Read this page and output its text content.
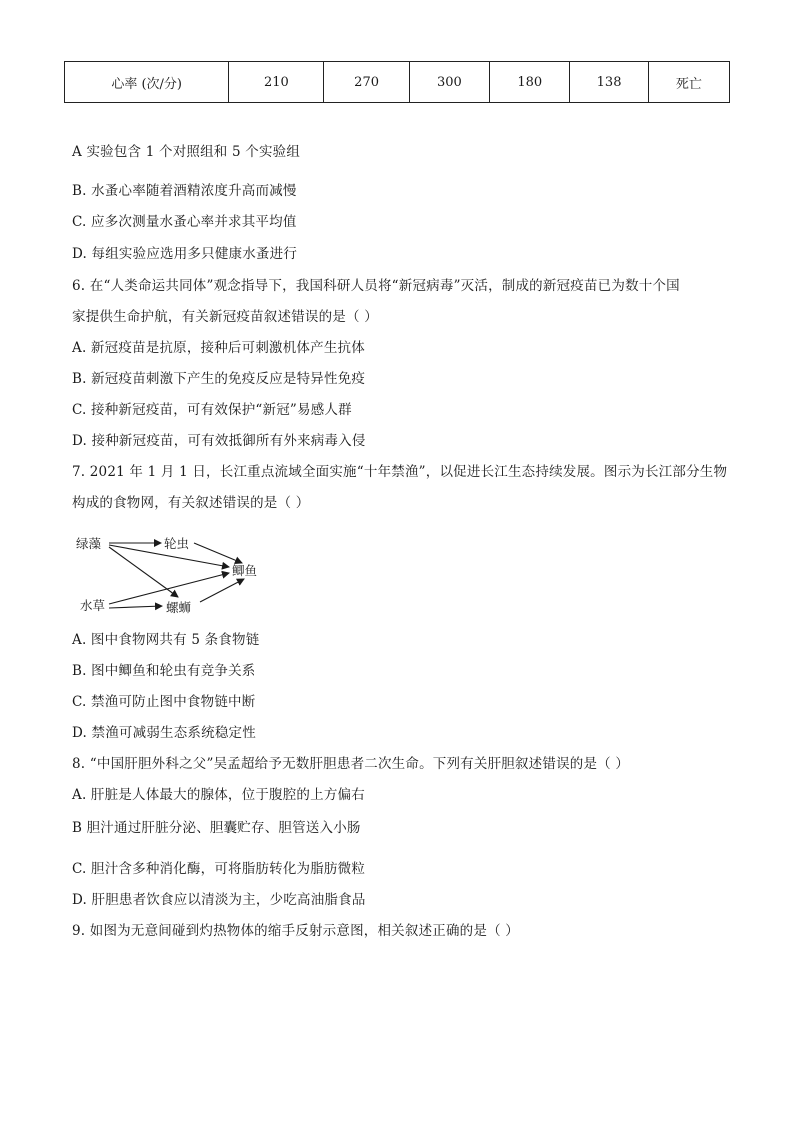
心率 (次/分)	210	270	300	180	138	死亡
A 实验包含 1 个对照组和 5 个实验组
B. 水蚤心率随着酒精浓度升高而减慢
C. 应多次测量水蚤心率并求其平均值
D. 每组实验应选用多只健康水蚤进行
6. 在“人类命运共同体”观念指导下，我国科研人员将“新冠病毒”灭活，制成的新冠疫苗已为数十个国
家提供生命护航，有关新冠疫苗叙述错误的是（ ）
A. 新冠疫苗是抗原，接种后可刺激机体产生抗体
B. 新冠疫苗刺激下产生的免疫反应是特异性免疫
C. 接种新冠疫苗，可有效保护“新冠”易感人群
D. 接种新冠疫苗，可有效抵御所有外来病毒入侵
7. 2021 年 1 月 1 日，长江重点流域全面实施“十年禁渔”，以促进长江生态持续发展。图示为长江部分生物
构成的食物网，有关叙述错误的是（ ）
绿藻	轮虫
鲫鱼
水草	螺蛳
A. 图中食物网共有 5 条食物链
B. 图中鲫鱼和轮虫有竞争关系
C. 禁渔可防止图中食物链中断
D. 禁渔可减弱生态系统稳定性
8. “中国肝胆外科之父”吴孟超给予无数肝胆患者二次生命。下列有关肝胆叙述错误的是（ ）
A. 肝脏是人体最大的腺体，位于腹腔的上方偏右
B 胆汁通过肝脏分泌、胆囊贮存、胆管送入小肠
C. 胆汁含多种消化酶，可将脂肪转化为脂肪微粒
D. 肝胆患者饮食应以清淡为主，少吃高油脂食品
9. 如图为无意间碰到灼热物体的缩手反射示意图，相关叙述正确的是（ ）
